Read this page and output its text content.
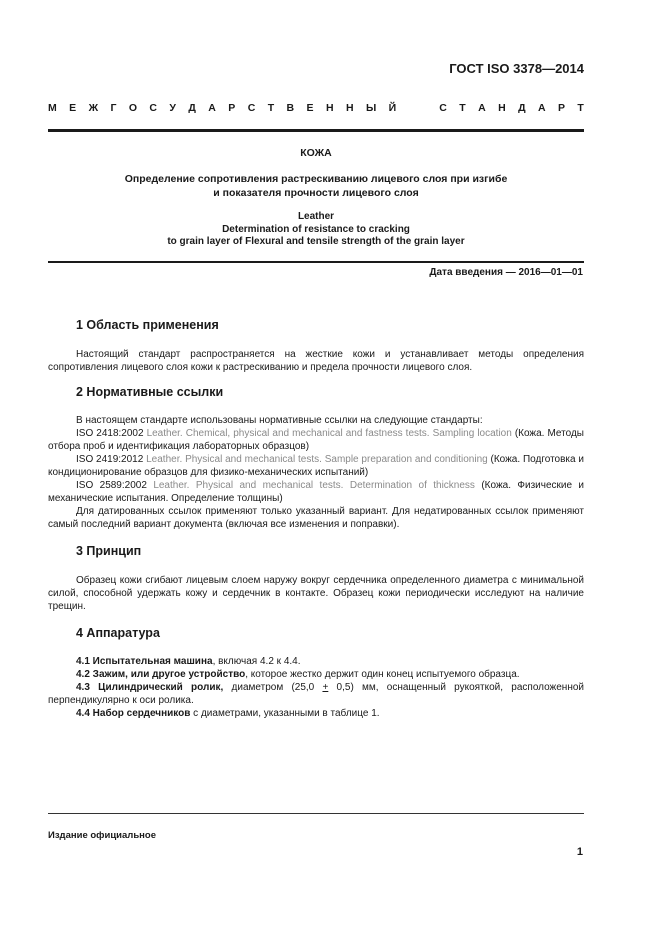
ГОСТ ISO 3378—2014
М Е Ж Г О С У Д А Р С Т В Е Н Н Ы Й

	С Т А Н Д А Р Т
КОЖА
Определение сопротивления растрескиванию лицевого слоя при изгибе
и показателя прочности лицевого слоя
Leather
Determination of resistance to cracking
to grain layer of Flexural and tensile strength of the grain layer
Дата введения — 2016—01—01
1 Область применения

Настоящий стандарт распространяется на жесткие кожи и устанавливает методы определения сопротивления лицевого слоя кожи к растрескиванию и предела прочности лицевого слоя.

2 Нормативные ссылки

В настоящем стандарте использованы нормативные ссылки на следующие стандарты:

ISO 2418:2002 Leather. Chemical, physical and mechanical and fastness tests. Sampling location (Кожа. Методы отбора проб и идентификация лабораторных образцов)

ISO 2419:2012 Leather. Physical and mechanical tests. Sample preparation and conditioning (Кожа. Подготовка и кондиционирование образцов для физико-механических испытаний)

ISO 2589:2002 Leather. Physical and mechanical tests. Determination of thickness (Кожа. Физические и механические испытания. Определение толщины)

Для датированных ссылок применяют только указанный вариант. Для недатированных ссылок применяют самый последний вариант документа (включая все изменения и поправки).

3 Принцип

Образец кожи сгибают лицевым слоем наружу вокруг сердечника определенного диаметра с минимальной силой, способной удержать кожу и сердечник в контакте. Образец кожи периодически исследуют на наличие трещин.

4 Аппаратура

4.1 Испытательная машина, включая 4.2 к 4.4.

4.2 Зажим, или другое устройство, которое жестко держит один конец испытуемого образца.

4.3 Цилиндрический ролик, диаметром (25,0 + 0,5) мм, оснащенный рукояткой, расположенной перпендикулярно к оси ролика.

4.4 Набор сердечников с диаметрами, указанными в таблице 1.

Издание официальное
1
